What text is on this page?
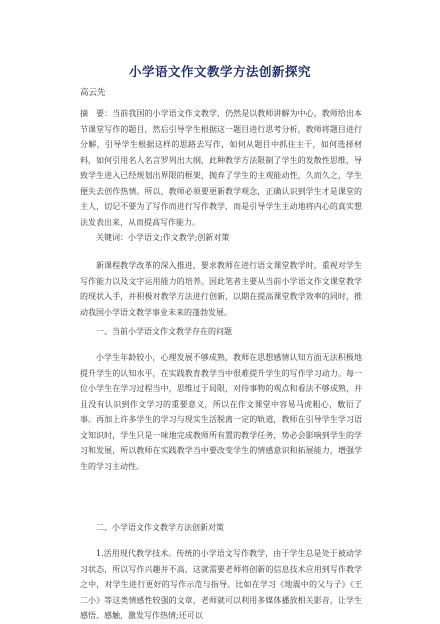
小学语文作文教学方法创新探究
高云先
摘　要：当前我国的小学语文作文教学，仍然是以教师讲解为中心，教师给出本节课堂写作的题目，然后引导学生根据这一题目进行思考分析，教师将题目进行分解，引导学生根据这样的思路去写作，如何从题目中抓住主干，如何选择材料，如何引用名人名言罗列出大纲，此种教学方法限制了学生的发散性思维，导致学生进入已经规划出界限的框架，抛弃了学生的主观能动性，久而久之，学生便失去创作热情。所以，教师必须要更新教学观念，正确认识到学生才是课堂的主人，切记不要为了写作而进行写作教学，而是引导学生主动地将内心的真实想法发表出来，从而提高写作能力。
关键词：小学语文;作文教学;创新对策
新课程教学改革的深入推进，要求教师在进行语文课堂教学时，重视对学生写作能力以及文字运用能力的培养。因此笔者主要从当前小学语文作文课堂教学的现状入手，并积极对教学方法进行创新，以期在提高课堂教学效率的同时，推动我国小学语文教学事业未来的蓬勃发展。
一、当前小学语文作文教学存在的问题
小学生年龄较小，心理发展不够成熟，教师在思想感情认知方面无法积极地提升学生的认知水平，在实践教育教学当中很难提升学生的写作学习动力。每一位小学生在学习过程当中，思维过于局限，对待事物的观点和看法不够成熟，并且没有认识到作文学习的重要意义，所以在作文课堂中容易马虎粗心，敷衍了事。再加上许多学生的学习与现实生活脱离一定的轨道，教师在引导学生学习语文知识时，学生只是一味地完成教师所有置的教学任务，势必会影响到学生的学习和发展，所以教师在实践教学当中要改变学生的情感意识和拓展能力，增强学生的学习主动性。
二、小学语文作文教学方法创新对策
1.活用现代教学技术。传统的小学语文写作教学，由于学生总是处于被动学习状态，所以写作兴趣并不高，这就需要老师将创新的信息技术应用到写作教学之中，对学生进行更好的写作示范与指导。比如在学习《地震中的父与子》《王二小》等这类情感性较强的文章，老师就可以利用多媒体播放相关影音，让学生感悟、感触，激发写作热情;还可以
